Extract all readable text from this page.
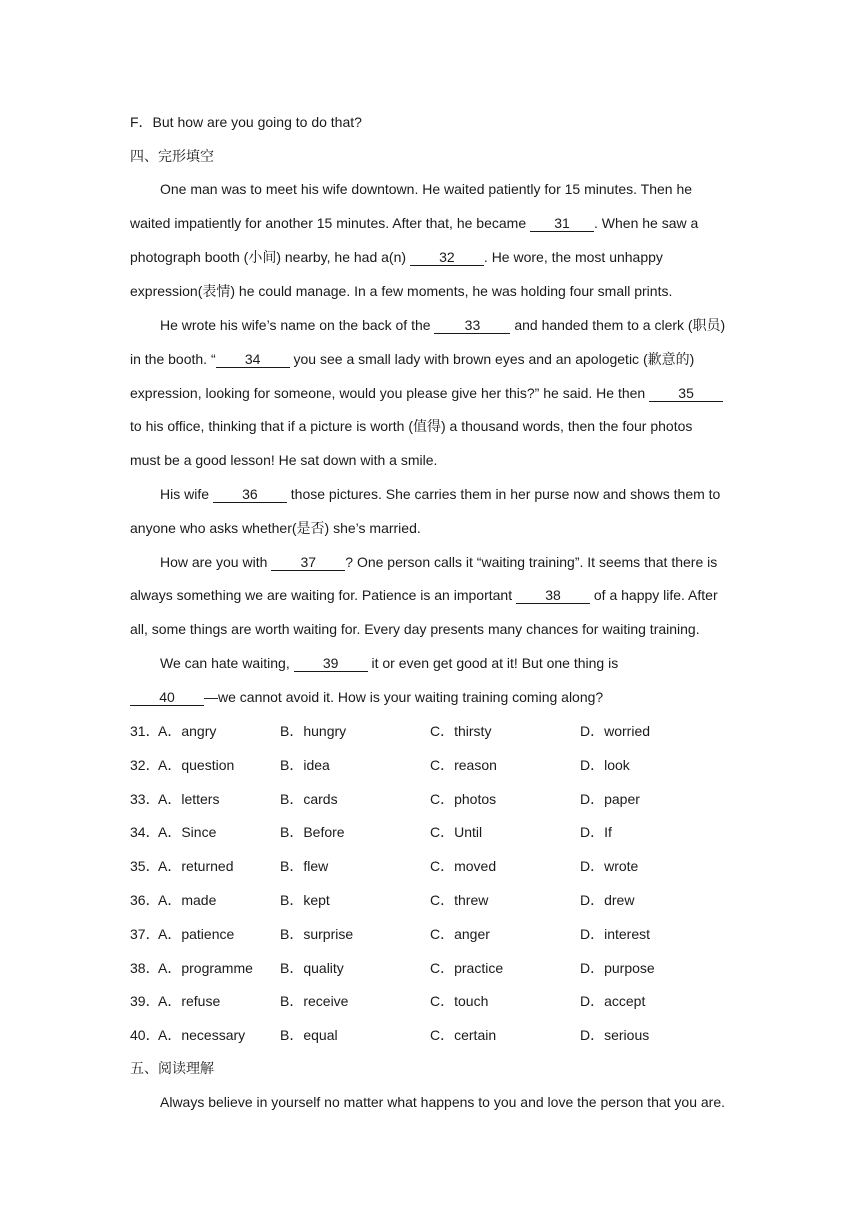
F．But how are you going to do that?
四、完形填空
One man was to meet his wife downtown. He waited patiently for 15 minutes. Then he
waited impatiently for another 15 minutes. After that, he became 31 . When he saw a
photograph booth (小间) nearby, he had a(n) 32 . He wore, the most unhappy
expression(表情) he could manage. In a few moments, he was holding four small prints.
He wrote his wife’s name on the back of the 33 and handed them to a clerk (职员)
in the booth. “ 34 you see a small lady with brown eyes and an apologetic (歉意的)
expression, looking for someone, would you please give her this?” he said. He then 35
to his office, thinking that if a picture is worth (值得) a thousand words, then the four photos
must be a good lesson! He sat down with a smile.
His wife 36 those pictures. She carries them in her purse now and shows them to
anyone who asks whether(是否) she’s married.
How are you with 37 ? One person calls it “waiting training”. It seems that there is
always something we are waiting for. Patience is an important 38 of a happy life. After
all, some things are worth waiting for. Every day presents many chances for waiting training.
We can hate waiting, 39 it or even get good at it! But one thing is
40 —we cannot avoid it. How is your waiting training coming along?
31．
A．angry	B．hungry	C．thirsty	D．worried
32．
A．question	B．idea	C．reason	D．look
33．
A．letters	B．cards	C．photos	D．paper
34．
A．Since	B．Before	C．Until	D．If
35．
A．returned	B．flew	C．moved	D．wrote
36．
A．made	B．kept	C．threw	D．drew
37．
A．patience	B．surprise	C．anger	D．interest
38．
A．programme B．quality	C．practice	D．purpose
39．
A．refuse	B．receive	C．touch	D．accept
40．
A．necessary B．equal	C．certain	D．serious
五、阅读理解
Always believe in yourself no matter what happens to you and love the person that you are.
